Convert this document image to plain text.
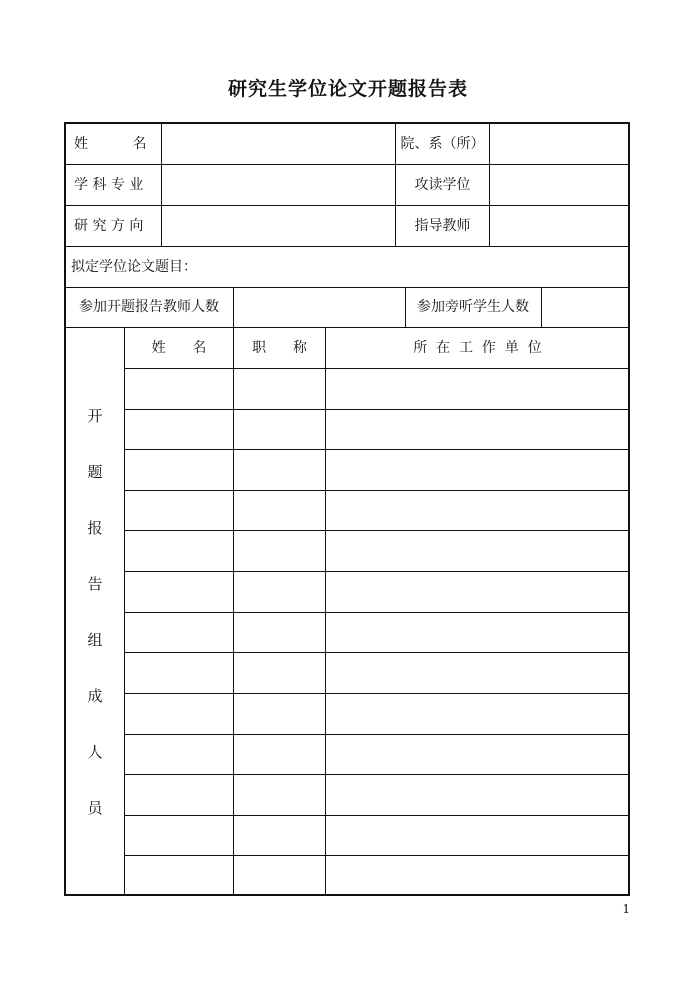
研究生学位论文开题报告表
姓          名	院、系（所）
学 科 专 业	攻读学位
研 究 方 向	指导教师
拟定学位论文题目：
参加开题报告教师人数	参加旁听学生人数
姓      名	职      称	所  在  工  作  单  位
开
题
报
告
组
成
人
员
1
